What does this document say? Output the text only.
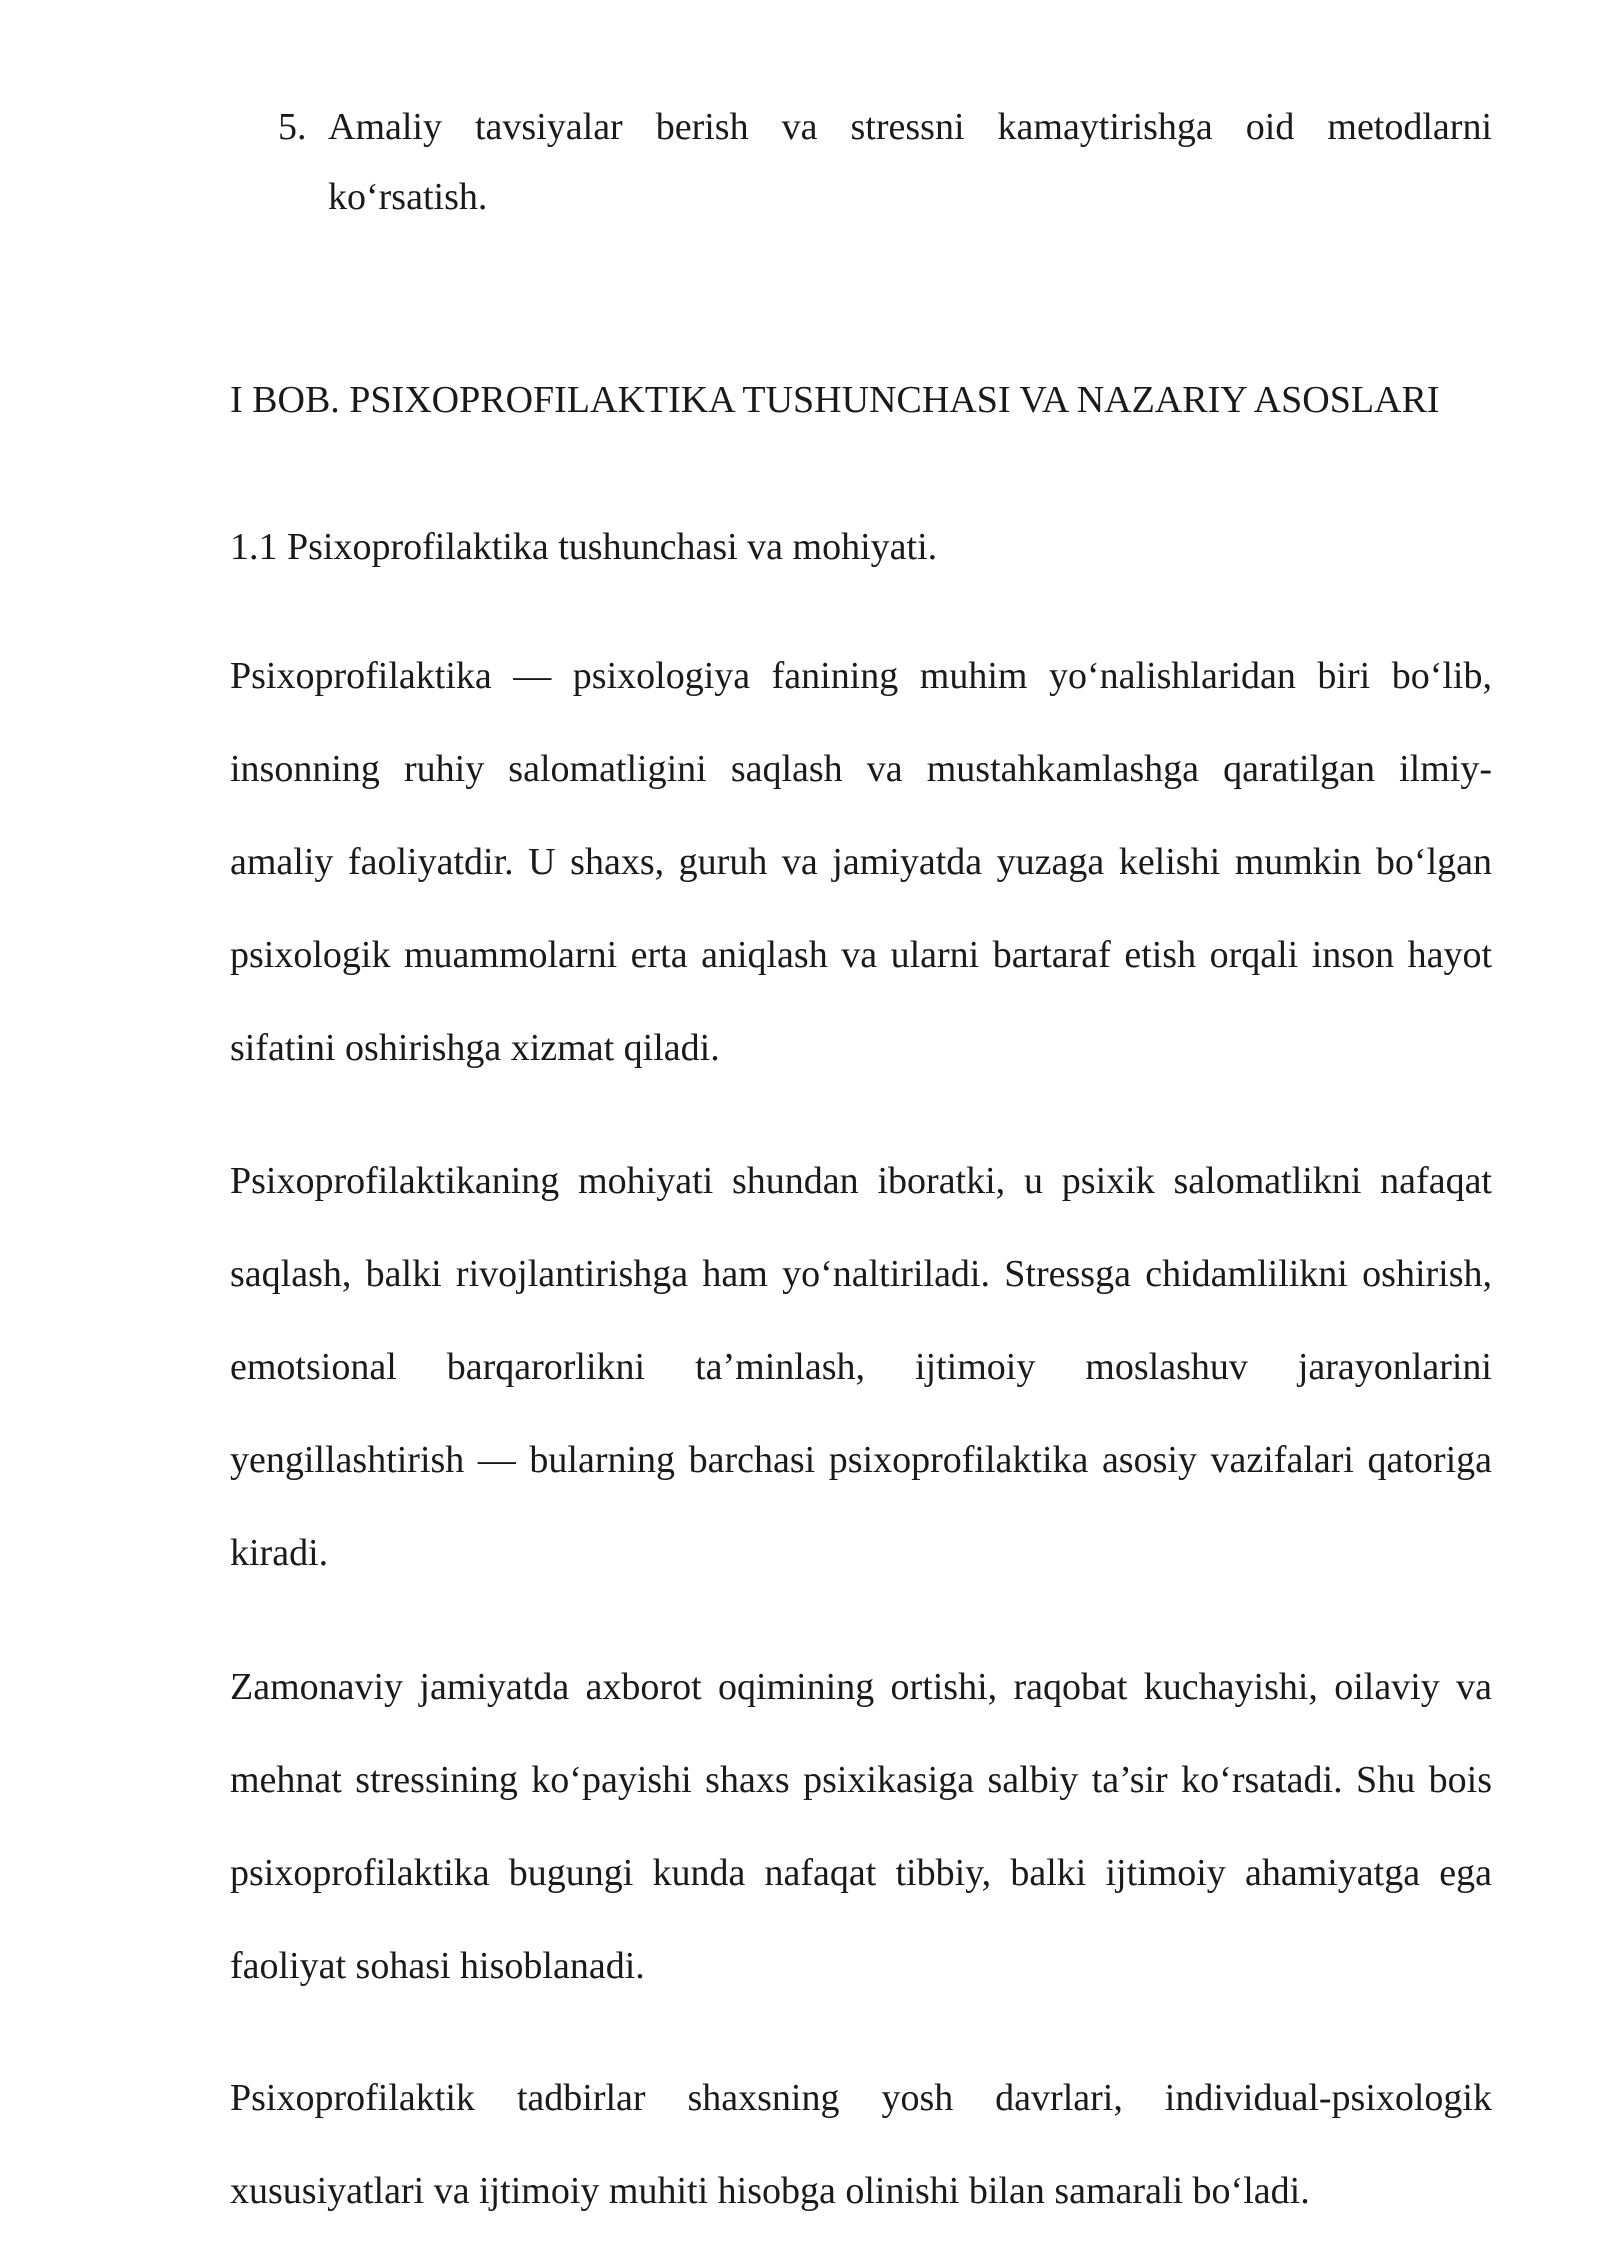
5. Amaliy tavsiyalar berish va stressni kamaytirishga oid metodlarni ko‘rsatish.
I BOB. PSIXOPROFILAKTIKA TUSHUNCHASI VA NAZARIY ASOSLARI
1.1 Psixoprofilaktika tushunchasi va mohiyati.

Psixoprofilaktika — psixologiya fanining muhim yo‘nalishlaridan biri bo‘lib, insonning ruhiy salomatligini saqlash va mustahkamlashga qaratilgan ilmiy-amaliy faoliyatdir. U shaxs, guruh va jamiyatda yuzaga kelishi mumkin bo‘lgan psixologik muammolarni erta aniqlash va ularni bartaraf etish orqali inson hayot sifatini oshirishga xizmat qiladi.

Psixoprofilaktikaning mohiyati shundan iboratki, u psixik salomatlikni nafaqat saqlash, balki rivojlantirishga ham yo‘naltiriladi. Stressga chidamlilikni oshirish, emotsional barqarorlikni ta’minlash, ijtimoiy moslashuv jarayonlarini yengillashtirish — bularning barchasi psixoprofilaktika asosiy vazifalari qatoriga kiradi.

Zamonaviy jamiyatda axborot oqimining ortishi, raqobat kuchayishi, oilaviy va mehnat stressining ko‘payishi shaxs psixikasiga salbiy ta’sir ko‘rsatadi. Shu bois psixoprofilaktika bugungi kunda nafaqat tibbiy, balki ijtimoiy ahamiyatga ega faoliyat sohasi hisoblanadi.

Psixoprofilaktik tadbirlar shaxsning yosh davrlari, individual-psixologik xususiyatlari va ijtimoiy muhiti hisobga olinishi bilan samarali bo‘ladi.
